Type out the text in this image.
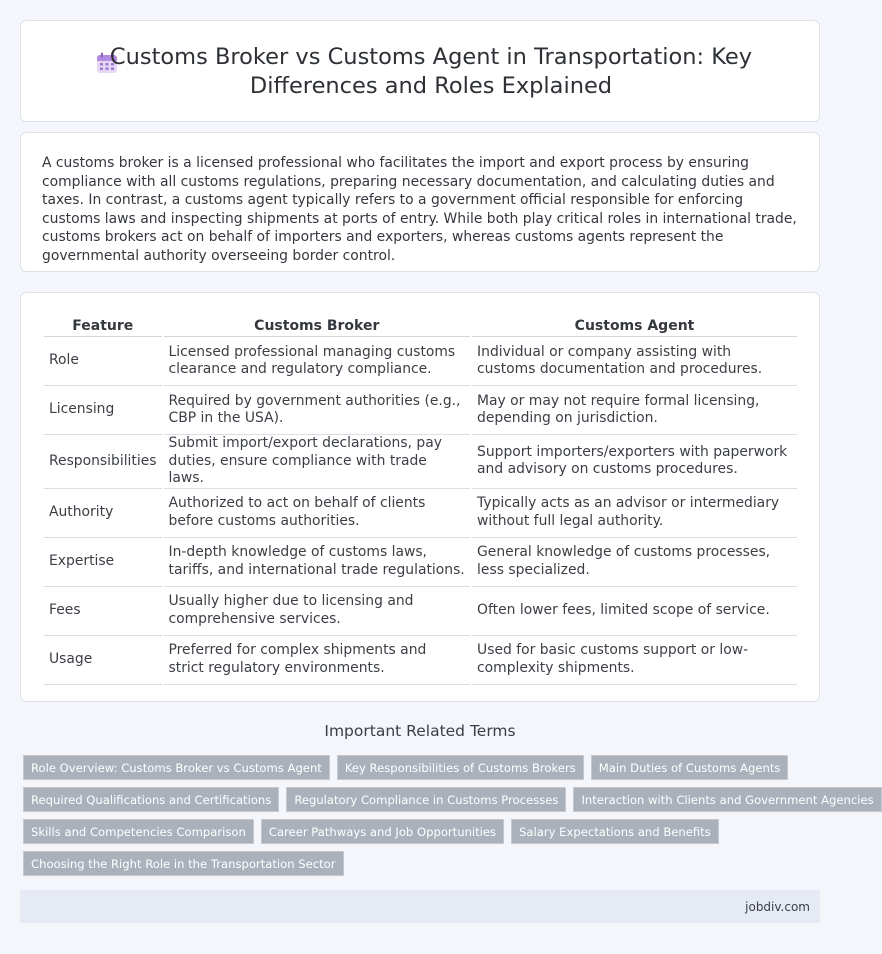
Customs Broker vs Customs Agent in Transportation: Key Differences and Roles Explained

A customs broker is a licensed professional who facilitates the import and export process by ensuring compliance with all customs regulations, preparing necessary documentation, and calculating duties and taxes. In contrast, a customs agent typically refers to a government official responsible for enforcing customs laws and inspecting shipments at ports of entry. While both play critical roles in international trade, customs brokers act on behalf of importers and exporters, whereas customs agents represent the governmental authority overseeing border control.

Feature	Customs Broker	Customs Agent
Role	Licensed professional managing customs clearance and regulatory compliance.	Individual or company assisting with customs documentation and procedures.
Licensing	Required by government authorities (e.g., CBP in the USA).	May or may not require formal licensing, depending on jurisdiction.
Responsibilities	Submit import/export declarations, pay duties, ensure compliance with trade laws.	Support importers/exporters with paperwork and advisory on customs procedures.
Authority	Authorized to act on behalf of clients before customs authorities.	Typically acts as an advisor or intermediary without full legal authority.
Expertise	In-depth knowledge of customs laws, tariffs, and international trade regulations.	General knowledge of customs processes, less specialized.
Fees	Usually higher due to licensing and comprehensive services.	Often lower fees, limited scope of service.
Usage	Preferred for complex shipments and strict regulatory environments.	Used for basic customs support or low-complexity shipments.
Important Related Terms
Role Overview: Customs Broker vs Customs Agent	Key Responsibilities of Customs Brokers	Main Duties of Customs Agents
Required Qualifications and Certifications	Regulatory Compliance in Customs Processes	Interaction with Clients and Government Agencies
Skills and Competencies Comparison	Career Pathways and Job Opportunities	Salary Expectations and Benefits
Choosing the Right Role in the Transportation Sector
jobdiv.com
